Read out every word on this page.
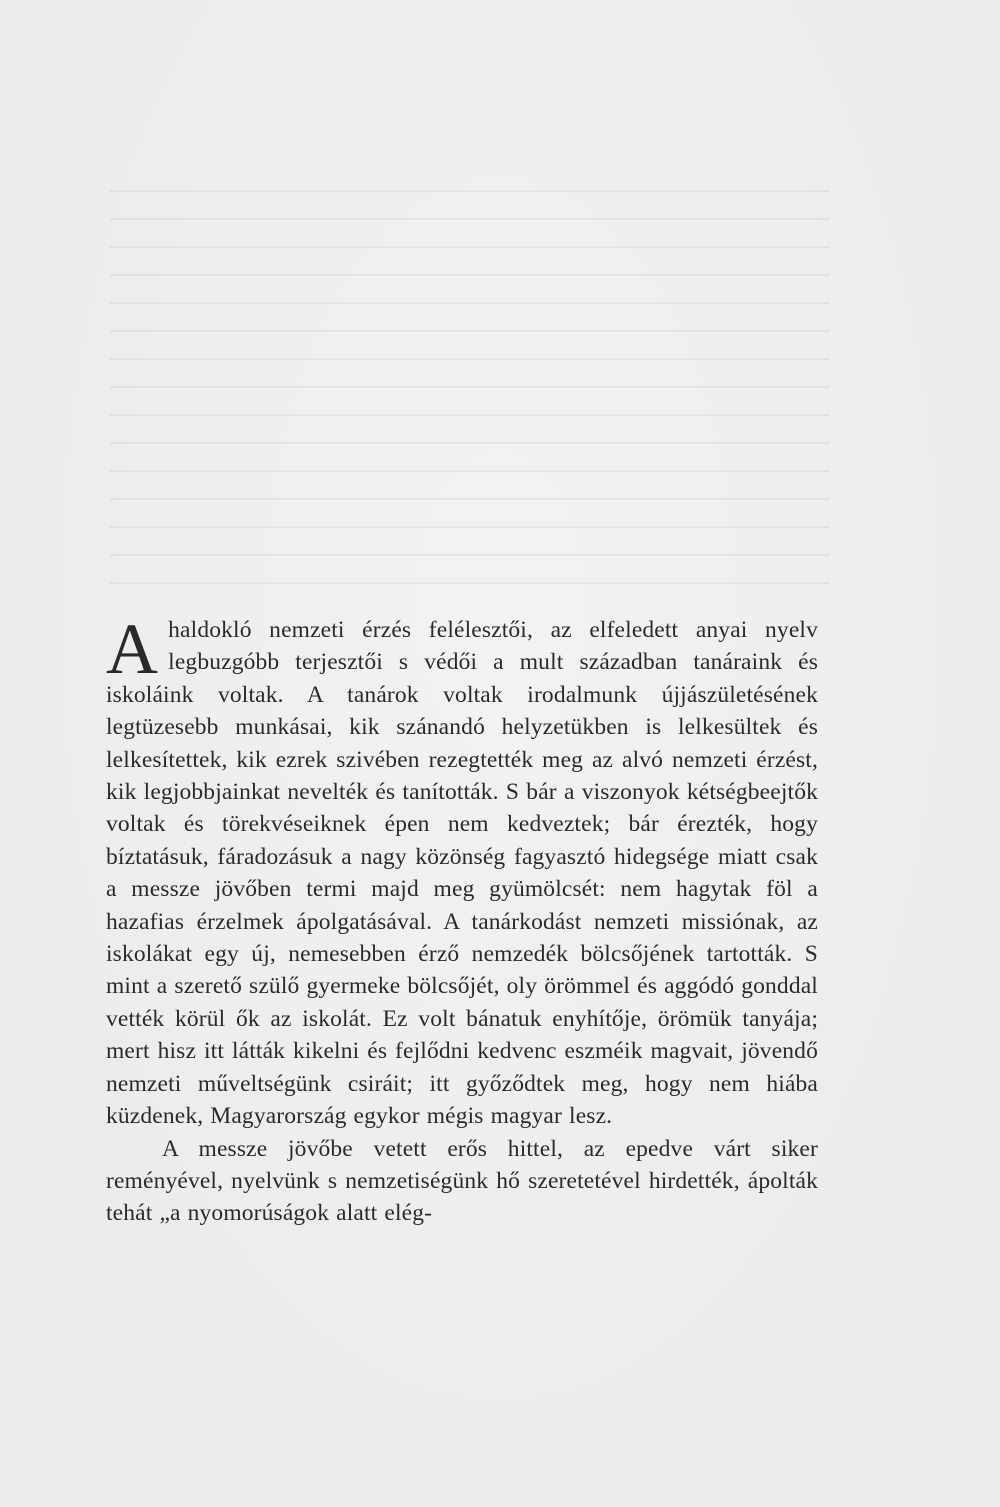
Ahaldokló nemzeti érzés felélesztői, az elfeledett anyai nyelv legbuzgóbb terjesztői s védői a mult században tanáraink és iskoláink voltak. A tanárok voltak irodalmunk újjászületésének legtüzesebb munkásai, kik szánandó helyzetükben is lelkesültek és lelkesítettek, kik ezrek szivében rezegtették meg az alvó nemzeti érzést, kik legjobbjainkat nevelték és tanították. S bár a viszonyok kétségbeejtők voltak és törekvéseiknek épen nem kedveztek; bár érezték, hogy bíztatásuk, fáradozásuk a nagy közönség fagyasztó hidegsége miatt csak a messze jövőben termi majd meg gyümölcsét: nem hagytak föl a hazafias érzelmek ápolgatásával. A tanárkodást nemzeti missiónak, az iskolákat egy új, nemesebben érző nemzedék bölcsőjének tartották. S mint a szerető szülő gyermeke bölcsőjét, oly örömmel és aggódó gonddal vették körül ők az iskolát. Ez volt bánatuk enyhítője, örömük tanyája; mert hisz itt látták kikelni és fejlődni kedvenc eszméik magvait, jövendő nemzeti műveltségünk csiráit; itt győződtek meg, hogy nem hiába küzdenek, Magyarország egykor mégis magyar lesz.

A messze jövőbe vetett erős hittel, az epedve várt siker reményével, nyelvünk s nemzetiségünk hő szeretetével hirdették, ápolták tehát „a nyomorúságok alatt elég-
